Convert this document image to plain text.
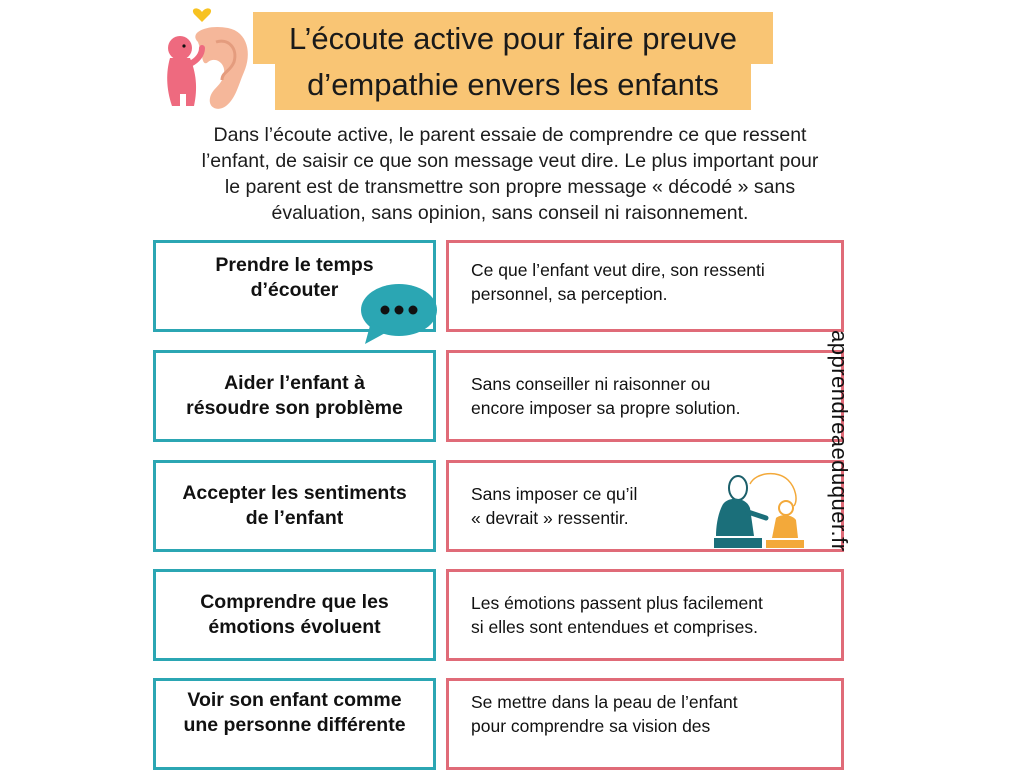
L’écoute active pour faire preuve
d’empathie envers les enfants
Dans l’écoute active, le parent essaie de comprendre ce que ressent
l’enfant, de saisir ce que son message veut dire. Le plus important pour
le parent est de transmettre son propre message « décodé » sans
évaluation, sans opinion, sans conseil ni raisonnement.
Prendre le temps
d’écouter
Ce que l’enfant veut dire, son ressenti
personnel, sa perception.
Aider l’enfant à
résoudre son problème
Sans conseiller ni raisonner ou
encore imposer sa propre solution.
Accepter les sentiments
de l’enfant
Sans imposer ce qu’il
« devrait » ressentir.
Comprendre que les
émotions évoluent
Les émotions passent plus facilement
si elles sont entendues et comprises.
Voir son enfant comme
une personne différente
Se mettre dans la peau de l’enfant
pour comprendre sa vision des
apprendreaeduquer.fr
